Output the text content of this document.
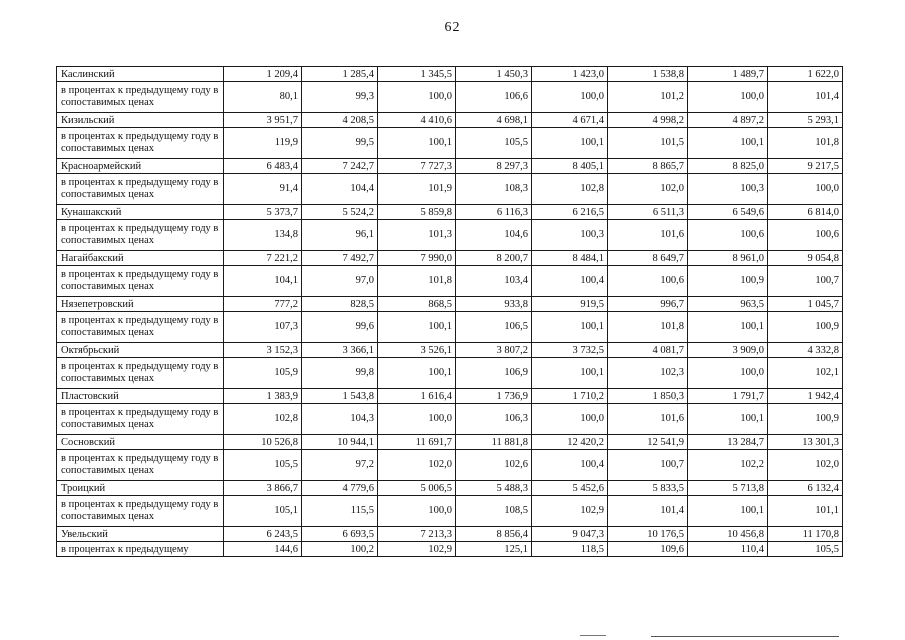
62
Каслинский	1 209,4	1 285,4	1 345,5	1 450,3	1 423,0	1 538,8	1 489,7	1 622,0
в процентах к предыдущему году в сопоставимых ценах	80,1	99,3	100,0	106,6	100,0	101,2	100,0	101,4
Кизильский	3 951,7	4 208,5	4 410,6	4 698,1	4 671,4	4 998,2	4 897,2	5 293,1
в процентах к предыдущему году в сопоставимых ценах	119,9	99,5	100,1	105,5	100,1	101,5	100,1	101,8
Красноармейский	6 483,4	7 242,7	7 727,3	8 297,3	8 405,1	8 865,7	8 825,0	9 217,5
в процентах к предыдущему году в сопоставимых ценах	91,4	104,4	101,9	108,3	102,8	102,0	100,3	100,0
Кунашакский	5 373,7	5 524,2	5 859,8	6 116,3	6 216,5	6 511,3	6 549,6	6 814,0
в процентах к предыдущему году в сопоставимых ценах	134,8	96,1	101,3	104,6	100,3	101,6	100,6	100,6
Нагайбакский	7 221,2	7 492,7	7 990,0	8 200,7	8 484,1	8 649,7	8 961,0	9 054,8
в процентах к предыдущему году в сопоставимых ценах	104,1	97,0	101,8	103,4	100,4	100,6	100,9	100,7
Нязепетровский	777,2	828,5	868,5	933,8	919,5	996,7	963,5	1 045,7
в процентах к предыдущему году в сопоставимых ценах	107,3	99,6	100,1	106,5	100,1	101,8	100,1	100,9
Октябрьский	3 152,3	3 366,1	3 526,1	3 807,2	3 732,5	4 081,7	3 909,0	4 332,8
в процентах к предыдущему году в сопоставимых ценах	105,9	99,8	100,1	106,9	100,1	102,3	100,0	102,1
Пластовский	1 383,9	1 543,8	1 616,4	1 736,9	1 710,2	1 850,3	1 791,7	1 942,4
в процентах к предыдущему году в сопоставимых ценах	102,8	104,3	100,0	106,3	100,0	101,6	100,1	100,9
Сосновский	10 526,8	10 944,1	11 691,7	11 881,8	12 420,2	12 541,9	13 284,7	13 301,3
в процентах к предыдущему году в сопоставимых ценах	105,5	97,2	102,0	102,6	100,4	100,7	102,2	102,0
Троицкий	3 866,7	4 779,6	5 006,5	5 488,3	5 452,6	5 833,5	5 713,8	6 132,4
в процентах к предыдущему году в сопоставимых ценах	105,1	115,5	100,0	108,5	102,9	101,4	100,1	101,1
Увельский	6 243,5	6 693,5	7 213,3	8 856,4	9 047,3	10 176,5	10 456,8	11 170,8
в процентах к предыдущему	144,6	100,2	102,9	125,1	118,5	109,6	110,4	105,5
